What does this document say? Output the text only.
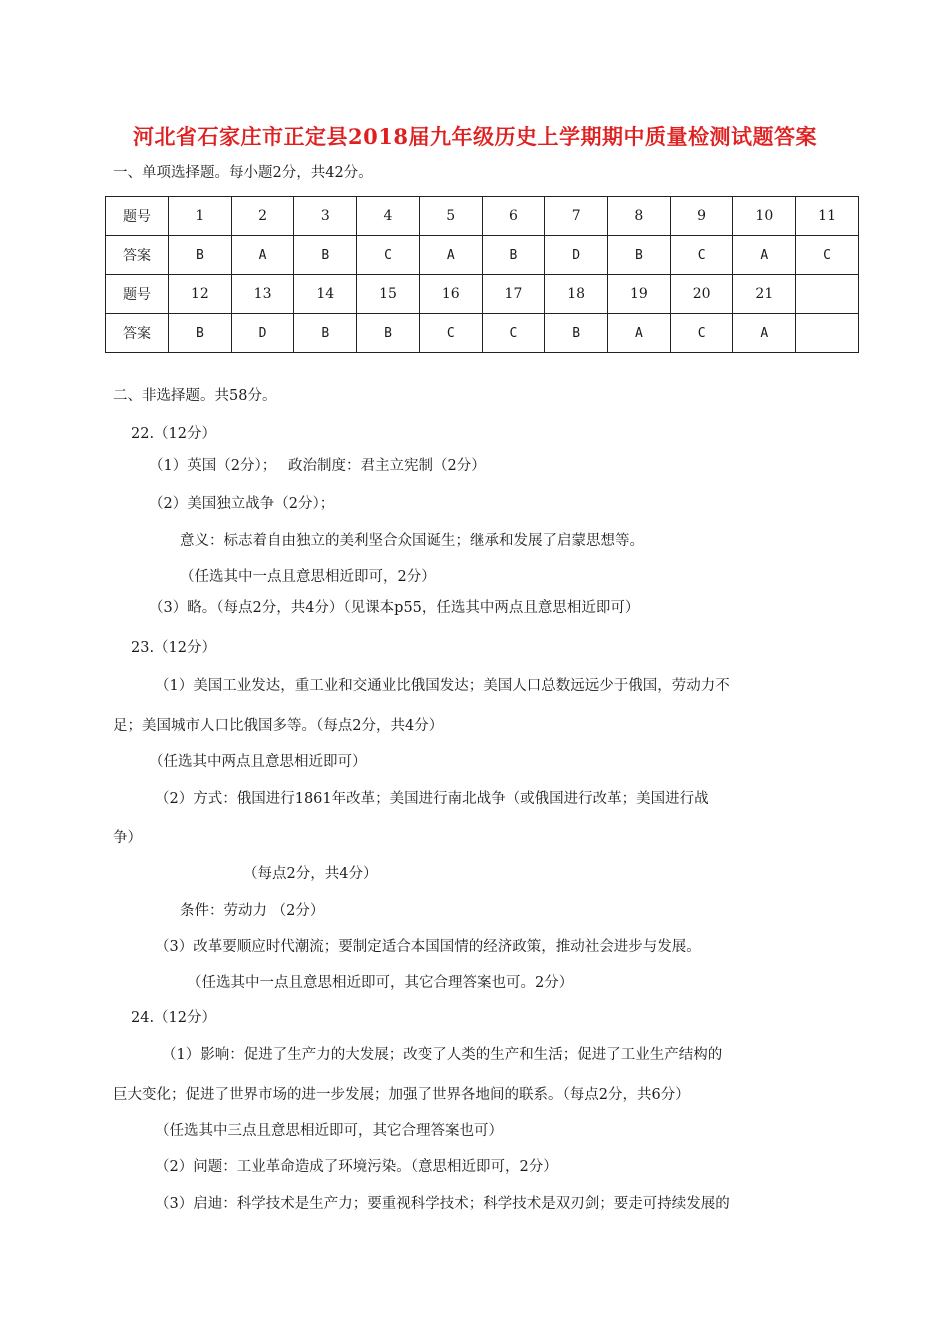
河北省石家庄市正定县2018届九年级历史上学期期中质量检测试题答案
一、单项选择题。每小题2分，共42分。
题号	1	2	3	4	5	6	7	8	9	10	11
答案	B	A	B	C	A	B	D	B	C	A	C
题号	12	13	14	15	16	17	18	19	20	21	
答案	B	D	B	B	C	C	B	A	C	A	
二、非选择题。共58分。
22.（12分）
（1）英国（2分）；　 政治制度：君主立宪制（2分）
（2）美国独立战争（2分）；
意义：标志着自由独立的美利坚合众国诞生；继承和发展了启蒙思想等。
（任选其中一点且意思相近即可，2分）
（3）略。（每点2分，共4分）（见课本p55，任选其中两点且意思相近即可）
23.（12分）
（1）美国工业发达，重工业和交通业比俄国发达；美国人口总数远远少于俄国，劳动力不
足；美国城市人口比俄国多等。（每点2分，共4分）
（任选其中两点且意思相近即可）
（2）方式：俄国进行1861年改革；美国进行南北战争（或俄国进行改革；美国进行战
争）
（每点2分，共4分）
条件：劳动力 （2分）
（3）改革要顺应时代潮流；要制定适合本国国情的经济政策，推动社会进步与发展。
（任选其中一点且意思相近即可，其它合理答案也可。2分）
24.（12分）
（1）影响：促进了生产力的大发展；改变了人类的生产和生活；促进了工业生产结构的
巨大变化；促进了世界市场的进一步发展；加强了世界各地间的联系。（每点2分，共6分）
（任选其中三点且意思相近即可，其它合理答案也可）
（2）问题：工业革命造成了环境污染。（意思相近即可，2分）
（3）启迪：科学技术是生产力；要重视科学技术；科学技术是双刃剑；要走可持续发展的
